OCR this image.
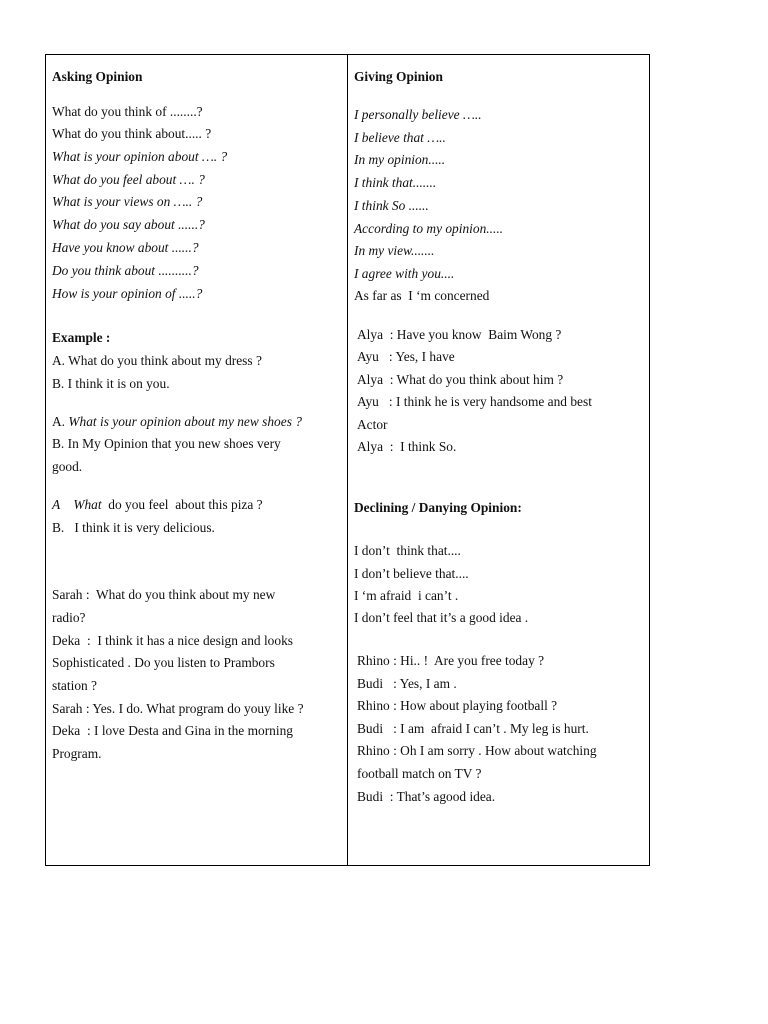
Asking Opinion
What do you think of ........?
What do you think about..... ?
What is your opinion about …. ?
What do you feel about …. ?
What is your views on ….. ?
What do you say about ......?
Have you know about ......?
Do you think about ..........?
How is your opinion of .....?
Example :
A. What do you think about my dress ?
B. I think it is on you.
A. What is your opinion about my new shoes ?
B. In My Opinion that you new shoes very
good.
A    What  do you feel  about this piza ?
B.   I think it is very delicious.
Sarah :  What do you think about my new
radio?
Deka  :  I think it has a nice design and looks
Sophisticated . Do you listen to Prambors
station ?
Sarah : Yes. I do. What program do youy like ?
Deka  : I love Desta and Gina in the morning
Program.
Giving Opinion
I personally believe …..
I believe that …..
In my opinion.....
I think that.......
I think So ......
According to my opinion.....
In my view.......
I agree with you....
As far as  I ‘m concerned
Alya  : Have you know  Baim Wong ?
Ayu   : Yes, I have
Alya  : What do you think about him ?
Ayu   : I think he is very handsome and best
Actor
Alya  :  I think So.
Declining / Danying Opinion:
I don’t  think that....
I don’t believe that....
I ‘m afraid  i can’t .
I don’t feel that it’s a good idea .
Rhino : Hi.. !  Are you free today ?
Budi   : Yes, I am .
Rhino : How about playing football ?
Budi   : I am  afraid I can’t . My leg is hurt.
Rhino : Oh I am sorry . How about watching
football match on TV ?
Budi  : That’s agood idea.
